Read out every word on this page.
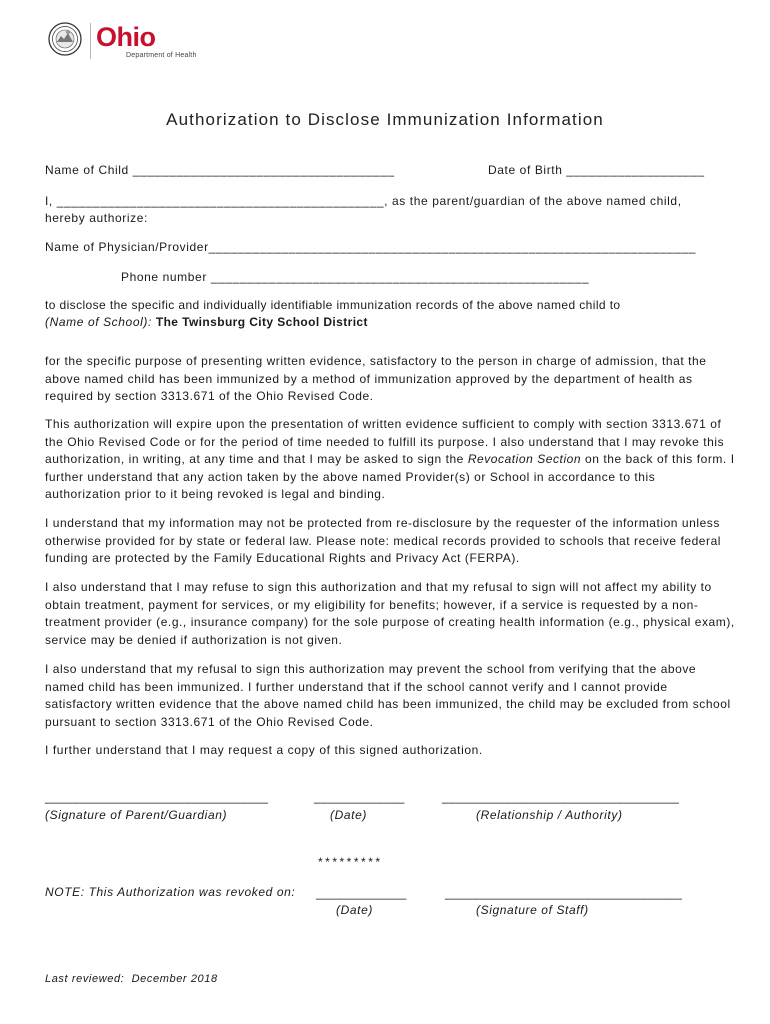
Ohio
Department of Health
Authorization to Disclose Immunization Information
Name of Child ____________________________________	Date of Birth ___________________
I, _____________________________________________, as the parent/guardian of the above named child,
hereby authorize:
Name of Physician/Provider___________________________________________________________________
Phone number ____________________________________________________
to disclose the specific and individually identifiable immunization records of the above named child to
(Name of School): The Twinsburg City School District
for the specific purpose of presenting written evidence, satisfactory to the person in charge of admission, that the above named child has been immunized by a method of immunization approved by the department of health as required by section 3313.671 of the Ohio Revised Code.
This authorization will expire upon the presentation of written evidence sufficient to comply with section 3313.671 of the Ohio Revised Code or for the period of time needed to fulfill its purpose. I also understand that I may revoke this authorization, in writing, at any time and that I may be asked to sign the Revocation Section on the back of this form. I further understand that any action taken by the above named Provider(s) or School in accordance to this authorization prior to it being revoked is legal and binding.
I understand that my information may not be protected from re-disclosure by the requester of the information unless otherwise provided for by state or federal law. Please note: medical records provided to schools that receive federal funding are protected by the Family Educational Rights and Privacy Act (FERPA).
I also understand that I may refuse to sign this authorization and that my refusal to sign will not affect my ability to obtain treatment, payment for services, or my eligibility for benefits; however, if a service is requested by a non-treatment provider (e.g., insurance company) for the sole purpose of creating health information (e.g., physical exam), service may be denied if authorization is not given.
I also understand that my refusal to sign this authorization may prevent the school from verifying that the above named child has been immunized. I further understand that if the school cannot verify and I cannot provide satisfactory written evidence that the above named child has been immunized, the child may be excluded from school pursuant to section 3313.671 of the Ohio Revised Code.
I further understand that I may request a copy of this signed authorization.
________________________________	_____________	__________________________________
(Signature of Parent/Guardian)	(Date)	(Relationship / Authority)
*********
NOTE: This Authorization was revoked on: _____________	__________________________________
(Date)	(Signature of Staff)
Last reviewed:  December 2018
